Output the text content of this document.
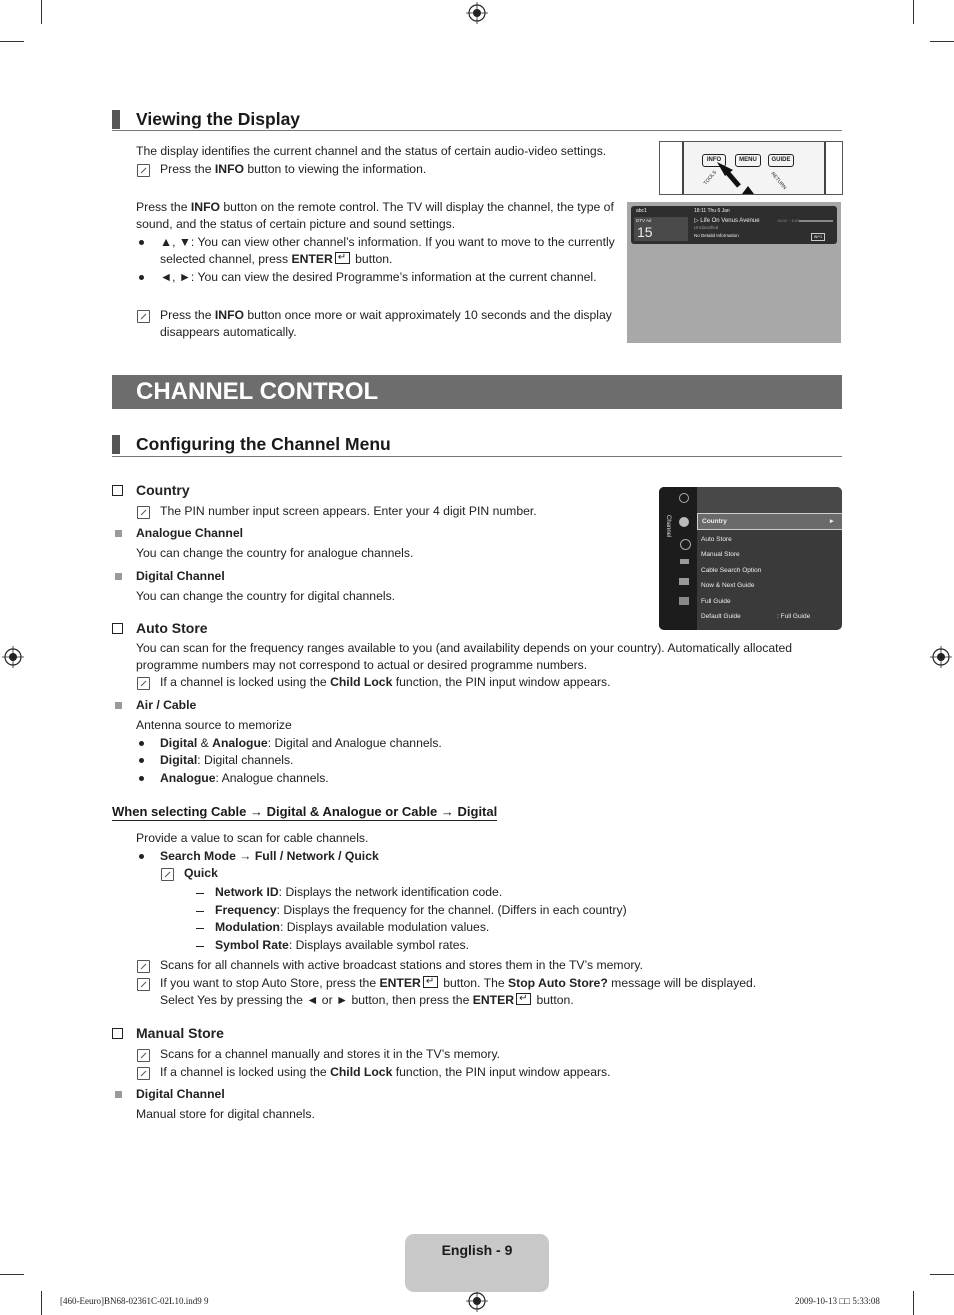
Viewing the Display
The display identifies the current channel and the status of certain audio-video settings.
Press the INFO button to viewing the information.
Press the INFO button on the remote control. The TV will display the channel, the type of
sound, and the status of certain picture and sound settings.
▲, ▼: You can view other channel’s information. If you want to move to the currently
selected channel, press ENTER↵ button.
◄, ►: You can view the desired Programme’s information at the current channel.
Press the INFO button once more or wait approximately 10 seconds and the display
disappears automatically.
INFO	MENU	GUIDE
TOOLS	RETURN
abc1
DTV Air
15
18:11 Thu 6 Jan
▷ Life On Venus Avenue
Unclassified
No Detaild Information
18:00 ~ 6:00
INFO
CHANNEL CONTROL
Configuring the Channel Menu
Country
The PIN number input screen appears. Enter your 4 digit PIN number.
Analogue Channel
You can change the country for analogue channels.
Digital Channel
You can change the country for digital channels.
Channel	Country	►
Auto Store
Manual Store
Cable Search Option
Now & Next Guide
Full Guide
Default Guide	: Full Guide
Auto Store
You can scan for the frequency ranges available to you (and availability depends on your country). Automatically allocated
programme numbers may not correspond to actual or desired programme numbers.
If a channel is locked using the Child Lock function, the PIN input window appears.
Air / Cable
Antenna source to memorize
Digital & Analogue: Digital and Analogue channels.
Digital: Digital channels.
Analogue: Analogue channels.
When selecting Cable → Digital & Analogue or Cable → Digital
Provide a value to scan for cable channels.
Search Mode → Full / Network / Quick
Quick
Network ID: Displays the network identification code.
Frequency: Displays the frequency for the channel. (Differs in each country)
Modulation: Displays available modulation values.
Symbol Rate: Displays available symbol rates.
Scans for all channels with active broadcast stations and stores them in the TV’s memory.
If you want to stop Auto Store, press the ENTER↵ button. The Stop Auto Store? message will be displayed.
Select Yes by pressing the ◄ or ► button, then press the ENTER↵ button.
Manual Store
Scans for a channel manually and stores it in the TV’s memory.
If a channel is locked using the Child Lock function, the PIN input window appears.
Digital Channel
Manual store for digital channels.
English - 9
[460-Eeuro]BN68-02361C-02L10.ind9 9	2009-10-13 □□ 5:33:08
